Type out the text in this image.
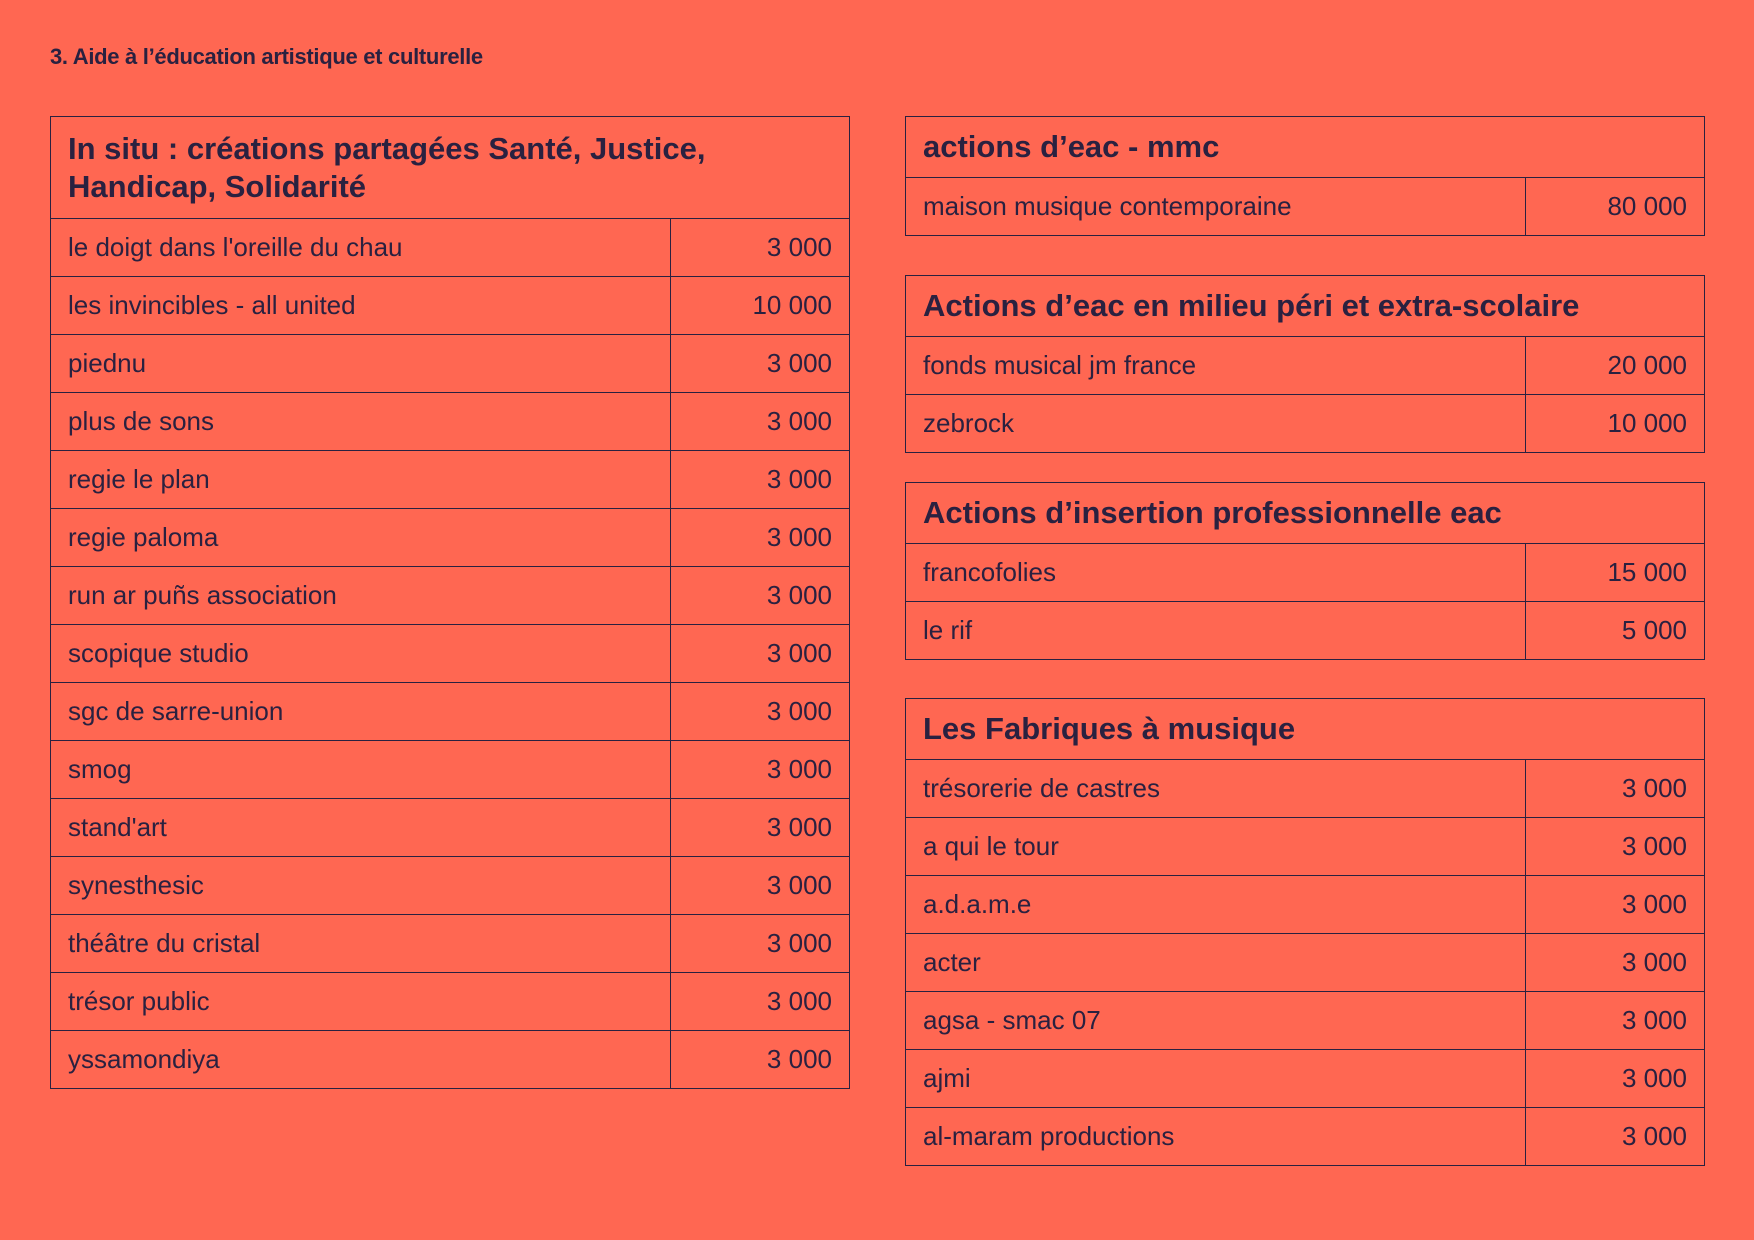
3. Aide à l’éducation artistique et culturelle
In situ : créations partagées Santé, Justice, Handicap, Solidarité	
le doigt dans l'oreille du chau	3 000
les invincibles - all united	10 000
piednu	3 000
plus de sons	3 000
regie le plan	3 000
regie paloma	3 000
run ar puñs association	3 000
scopique studio	3 000
sgc de sarre-union	3 000
smog	3 000
stand'art	3 000
synesthesic	3 000
théâtre du cristal	3 000
trésor public	3 000
yssamondiya	3 000
actions d’eac - mmc
maison musique contemporaine	80 000
Actions d’eac en milieu péri et extra-scolaire	
fonds musical jm france	20 000
zebrock	10 000
Actions d’insertion professionnelle eac	
francofolies	15 000
le rif	5 000
Les Fabriques à musique	
trésorerie de castres	3 000
a qui le tour	3 000
a.d.a.m.e	3 000
acter	3 000
agsa - smac 07	3 000
ajmi	3 000
al-maram productions	3 000
